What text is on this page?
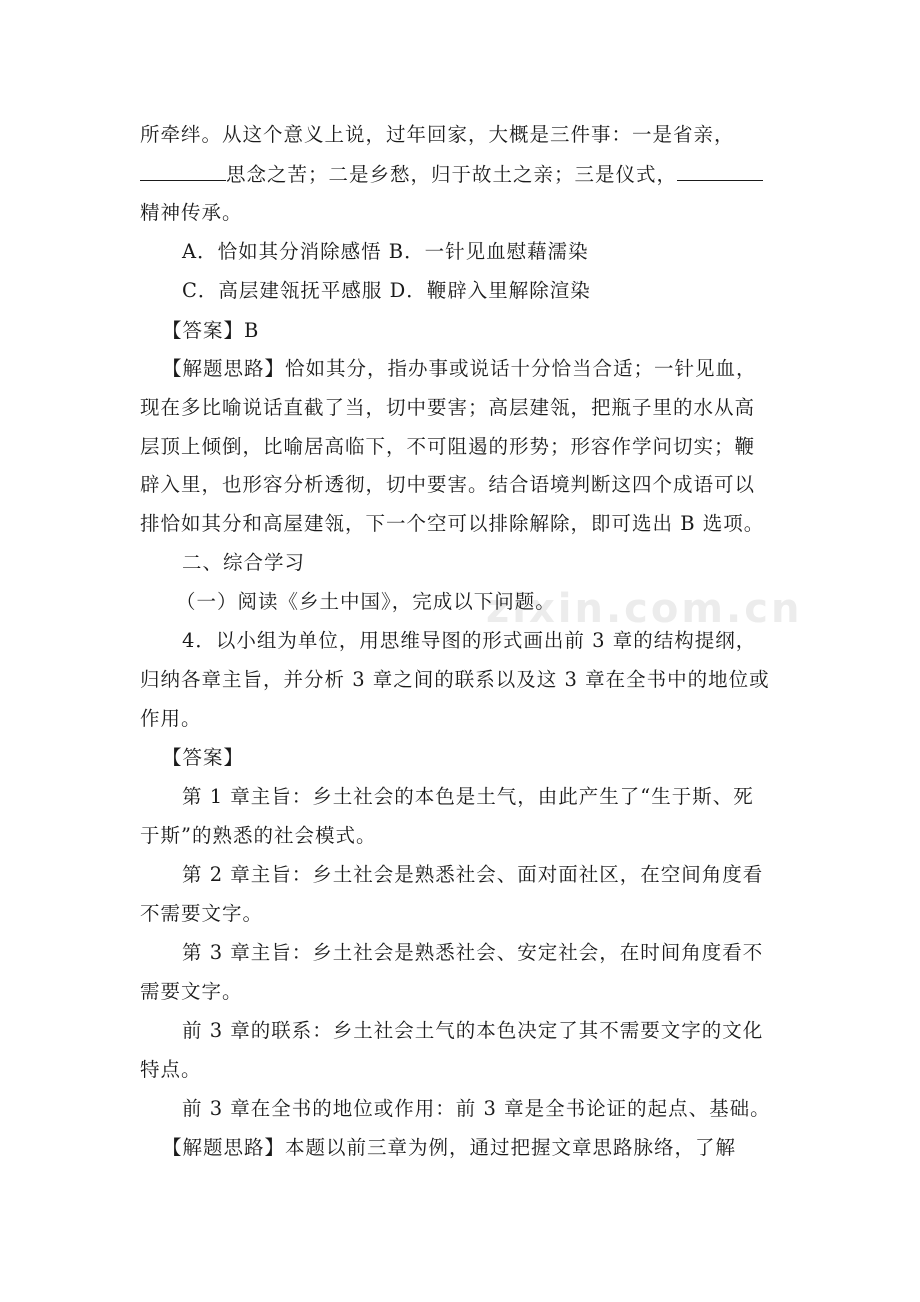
zixin.com.cn
所牵绊。从这个意义上说，过年回家，大概是三件事：一是省亲，
思念之苦；二是乡愁，归于故土之亲；三是仪式，
精神传承。
A．恰如其分消除感悟 B．一针见血慰藉濡染
C．高层建瓴抚平感服 D．鞭辟入里解除渲染
【答案】B
【解题思路】恰如其分，指办事或说话十分恰当合适；一针见血，
现在多比喻说话直截了当，切中要害；高层建瓴，把瓶子里的水从高
层顶上倾倒，比喻居高临下，不可阻遏的形势；形容作学问切实；鞭
辟入里，也形容分析透彻，切中要害。结合语境判断这四个成语可以
排恰如其分和高屋建瓴，下一个空可以排除解除，即可选出 B 选项。
二、综合学习
（一）阅读《乡土中国》，完成以下问题。
4．以小组为单位，用思维导图的形式画出前 3 章的结构提纲，
归纳各章主旨，并分析 3 章之间的联系以及这 3 章在全书中的地位或
作用。
【答案】
第 1 章主旨：乡土社会的本色是土气，由此产生了“生于斯、死
于斯”的熟悉的社会模式。
第 2 章主旨：乡土社会是熟悉社会、面对面社区，在空间角度看
不需要文字。
第 3 章主旨：乡土社会是熟悉社会、安定社会，在时间角度看不
需要文字。
前 3 章的联系：乡土社会土气的本色决定了其不需要文字的文化
特点。
前 3 章在全书的地位或作用：前 3 章是全书论证的起点、基础。
【解题思路】本题以前三章为例，通过把握文章思路脉络，了解
